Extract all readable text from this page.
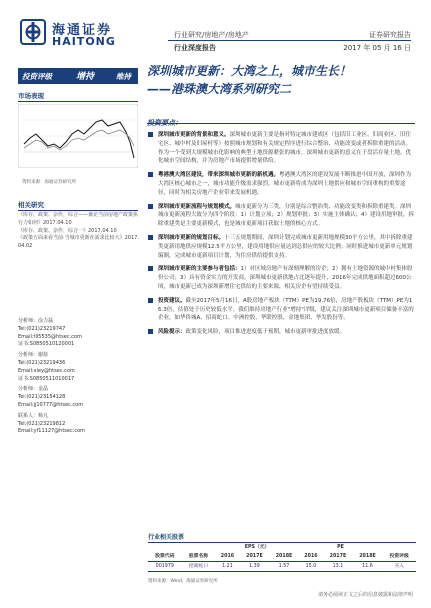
海通证券
HAITONG	行业研究/房地产/房地产
行业深度报告
证券研究报告
2017 年 05 月 16 日
投资评级	增持	维持 深圳城市更新：大湾之上，城市生长！
——港珠澳大湾系列研究二
市场表现
资料来源：海通证券研究所
相关研究

《库存、政策、杂作，综合——兼论当前房地产政策执行力如何》2017.04.10

《库存、政策、杂作，综合一》2017.04.10

《政策方面来看当前·当城市更新在需求比较大》2017.04.02

分析师：涂力磊

Tel:(021)23219747

Email:tll5535@htsec.com

证书:S0850510120001

分析师：谢盐

Tel:(021)23219436

Email:xiey@htsec.com

证书:S0850511010017

分析师：金晶

Tel:(021)23154128

Email:jj10777@htsec.com

联系人：杨凡

Tel:(021)23219812

Email:yf11127@htsec.com

投资要点：

深圳城市更新的背景和意义。深圳城市更新主要是指对特定城市建成区（包括旧工业区、旧商业区、旧住宅区、城中村及旧屋村等）按照城市规划和有关规定程序进行综合整治、功能改变或者拆除重建的活动。作为一个受到大规模城市化影响的典型土地资源紧张的城市，深圳城市更新的意义在于盘活存量土地，优化城市空间结构，并为房地产市场提供增量供给。

粤港澳大湾区建设，带来深圳城市更新的新机遇。粤港澳大湾区的建设发展不断推进中国开放，深圳作为大湾区核心城市之一，城市功能升级需求强烈，城市更新将成为深圳土地供应和城市空间重构的重要途径，同时为相关房地产企业带来发展机遇。

深圳城市更新流程与规划模式。城市更新分为三类，分别是综合整治类、功能改变类和拆除重建类。深圳城市更新流程大致分为四个阶段：1）计划立项；2）规划审批；3）实施主体确认；4）建设用地审批。拆除重建类是主要更新模式，也是城市更新项目获取土地的核心方式。

深圳城市更新的规划目标。十三五规划期间，深圳计划完成城市更新用地规模30平方公里，其中拆除重建类更新用地供应规模12.5平方公里，建设用地供应量达到总供应的较大比例；同时推进城市更新单元规划编制，完成城市更新项目计划，为住房供给提供支持。

深圳城市更新的主要参与者包括：1）对区域房地产有深刻理解的房企；2）拥有土地资源的城中村集体股份公司；3）具有资金实力的开发商。深圳城市更新供地占比逐年提升，2016年完成供地面积超过600公顷，城市更新已成为深圳新增住宅供给的主要来源，相关房企有望持续受益。

投资建议。截至2017年5月16日，A股房地产板块（TTM）PE为19.76倍，房地产股板块（TTM）PE为16.3倍，估值处于历史较低水平。我们维持房地产行业"增持"评级，建议关注深圳城市更新项目储备丰富的企业，如华侨城A、招商蛇口、中洲控股、华联控股、金地集团、华发股份等。

风险提示：政策变化风险，项目推进进度低于预期，城市更新审批进度放缓。

行业相关股票
		EPS（元）			PE			
股票代码	股票名称	2016	2017E	2018E	2016	2017E	2018E	投资评级
001979	招商蛇口	1.21	1.39	1.57	15.0	13.1	11.6	买入
资料来源：Wind，海通证券研究所
请务必阅读正文之后的信息披露和法律声明
